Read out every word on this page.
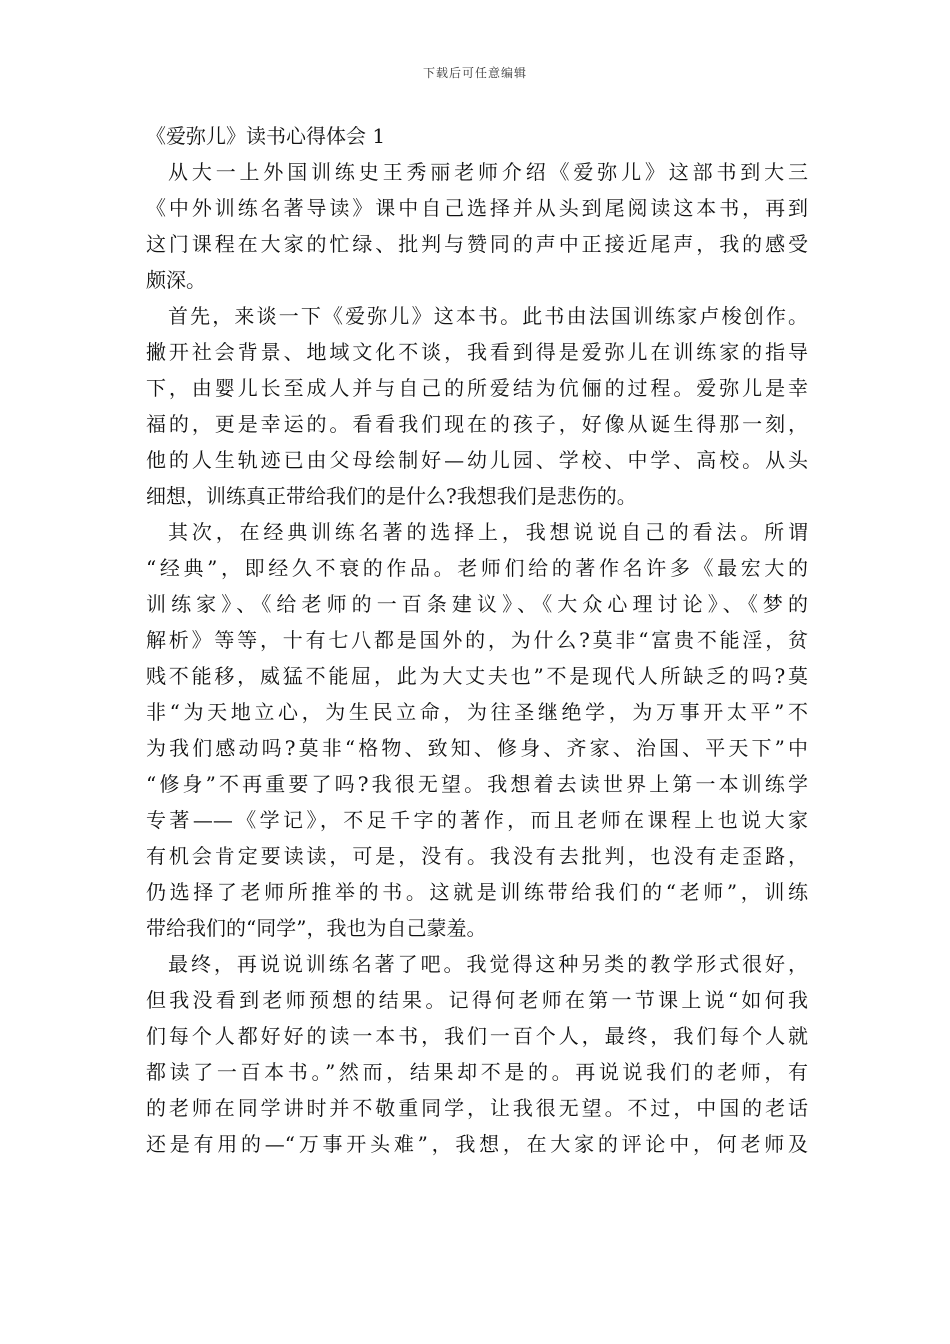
下载后可任意编辑
《爱弥儿》读书心得体会 1
从大一上外国训练史王秀丽老师介绍《爱弥儿》这部书到大三
《中外训练名著导读》课中自己选择并从头到尾阅读这本书，再到
这门课程在大家的忙绿、批判与赞同的声中正接近尾声，我的感受
颇深。
首先，来谈一下《爱弥儿》这本书。此书由法国训练家卢梭创作。
撇开社会背景、地域文化不谈，我看到得是爱弥儿在训练家的指导
下，由婴儿长至成人并与自己的所爱结为伉俪的过程。爱弥儿是幸
福的，更是幸运的。看看我们现在的孩子，好像从诞生得那一刻，
他的人生轨迹已由父母绘制好—幼儿园、学校、中学、高校。从头
细想，训练真正带给我们的是什么?我想我们是悲伤的。
其次，在经典训练名著的选择上，我想说说自己的看法。所谓
“经典”，即经久不衰的作品。老师们给的著作名许多《最宏大的
训练家》、《给老师的一百条建议》、《大众心理讨论》、《梦的
解析》等等，十有七八都是国外的，为什么?莫非“富贵不能淫，贫
贱不能移，威猛不能屈，此为大丈夫也”不是现代人所缺乏的吗?莫
非“为天地立心，为生民立命，为往圣继绝学，为万事开太平”不
为我们感动吗?莫非“格物、致知、修身、齐家、治国、平天下”中
“修身”不再重要了吗?我很无望。我想着去读世界上第一本训练学
专著——《学记》，不足千字的著作，而且老师在课程上也说大家
有机会肯定要读读，可是，没有。我没有去批判，也没有走歪路，
仍选择了老师所推举的书。这就是训练带给我们的“老师”，训练
带给我们的“同学”，我也为自己蒙羞。
最终，再说说训练名著了吧。我觉得这种另类的教学形式很好，
但我没看到老师预想的结果。记得何老师在第一节课上说“如何我
们每个人都好好的读一本书，我们一百个人，最终，我们每个人就
都读了一百本书。”然而，结果却不是的。再说说我们的老师，有
的老师在同学讲时并不敬重同学，让我很无望。不过，中国的老话
还是有用的—“万事开头难”，我想，在大家的评论中，何老师及
